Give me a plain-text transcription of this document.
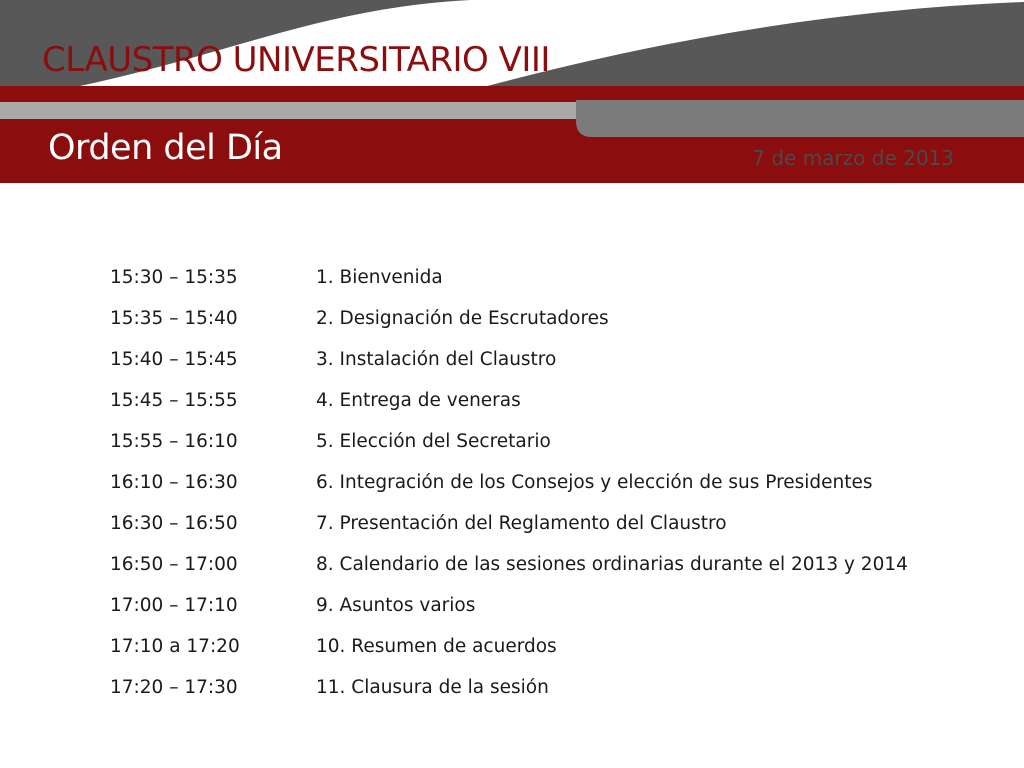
CLAUSTRO UNIVERSITARIO VIII
Orden del Día	7 de marzo de 2013
15:30 – 15:35	1. Bienvenida
15:35 – 15:40	2. Designación de Escrutadores
15:40 – 15:45	3. Instalación del Claustro
15:45 – 15:55	4. Entrega de veneras
15:55 – 16:10	5. Elección del Secretario
16:10 – 16:30	6. Integración de los Consejos y elección de sus Presidentes
16:30 – 16:50	7. Presentación del Reglamento del Claustro
16:50 – 17:00	8. Calendario de las sesiones ordinarias durante el 2013 y 2014
17:00 – 17:10	9. Asuntos varios
17:10 a 17:20	10. Resumen de acuerdos
17:20 – 17:30	11. Clausura de la sesión
